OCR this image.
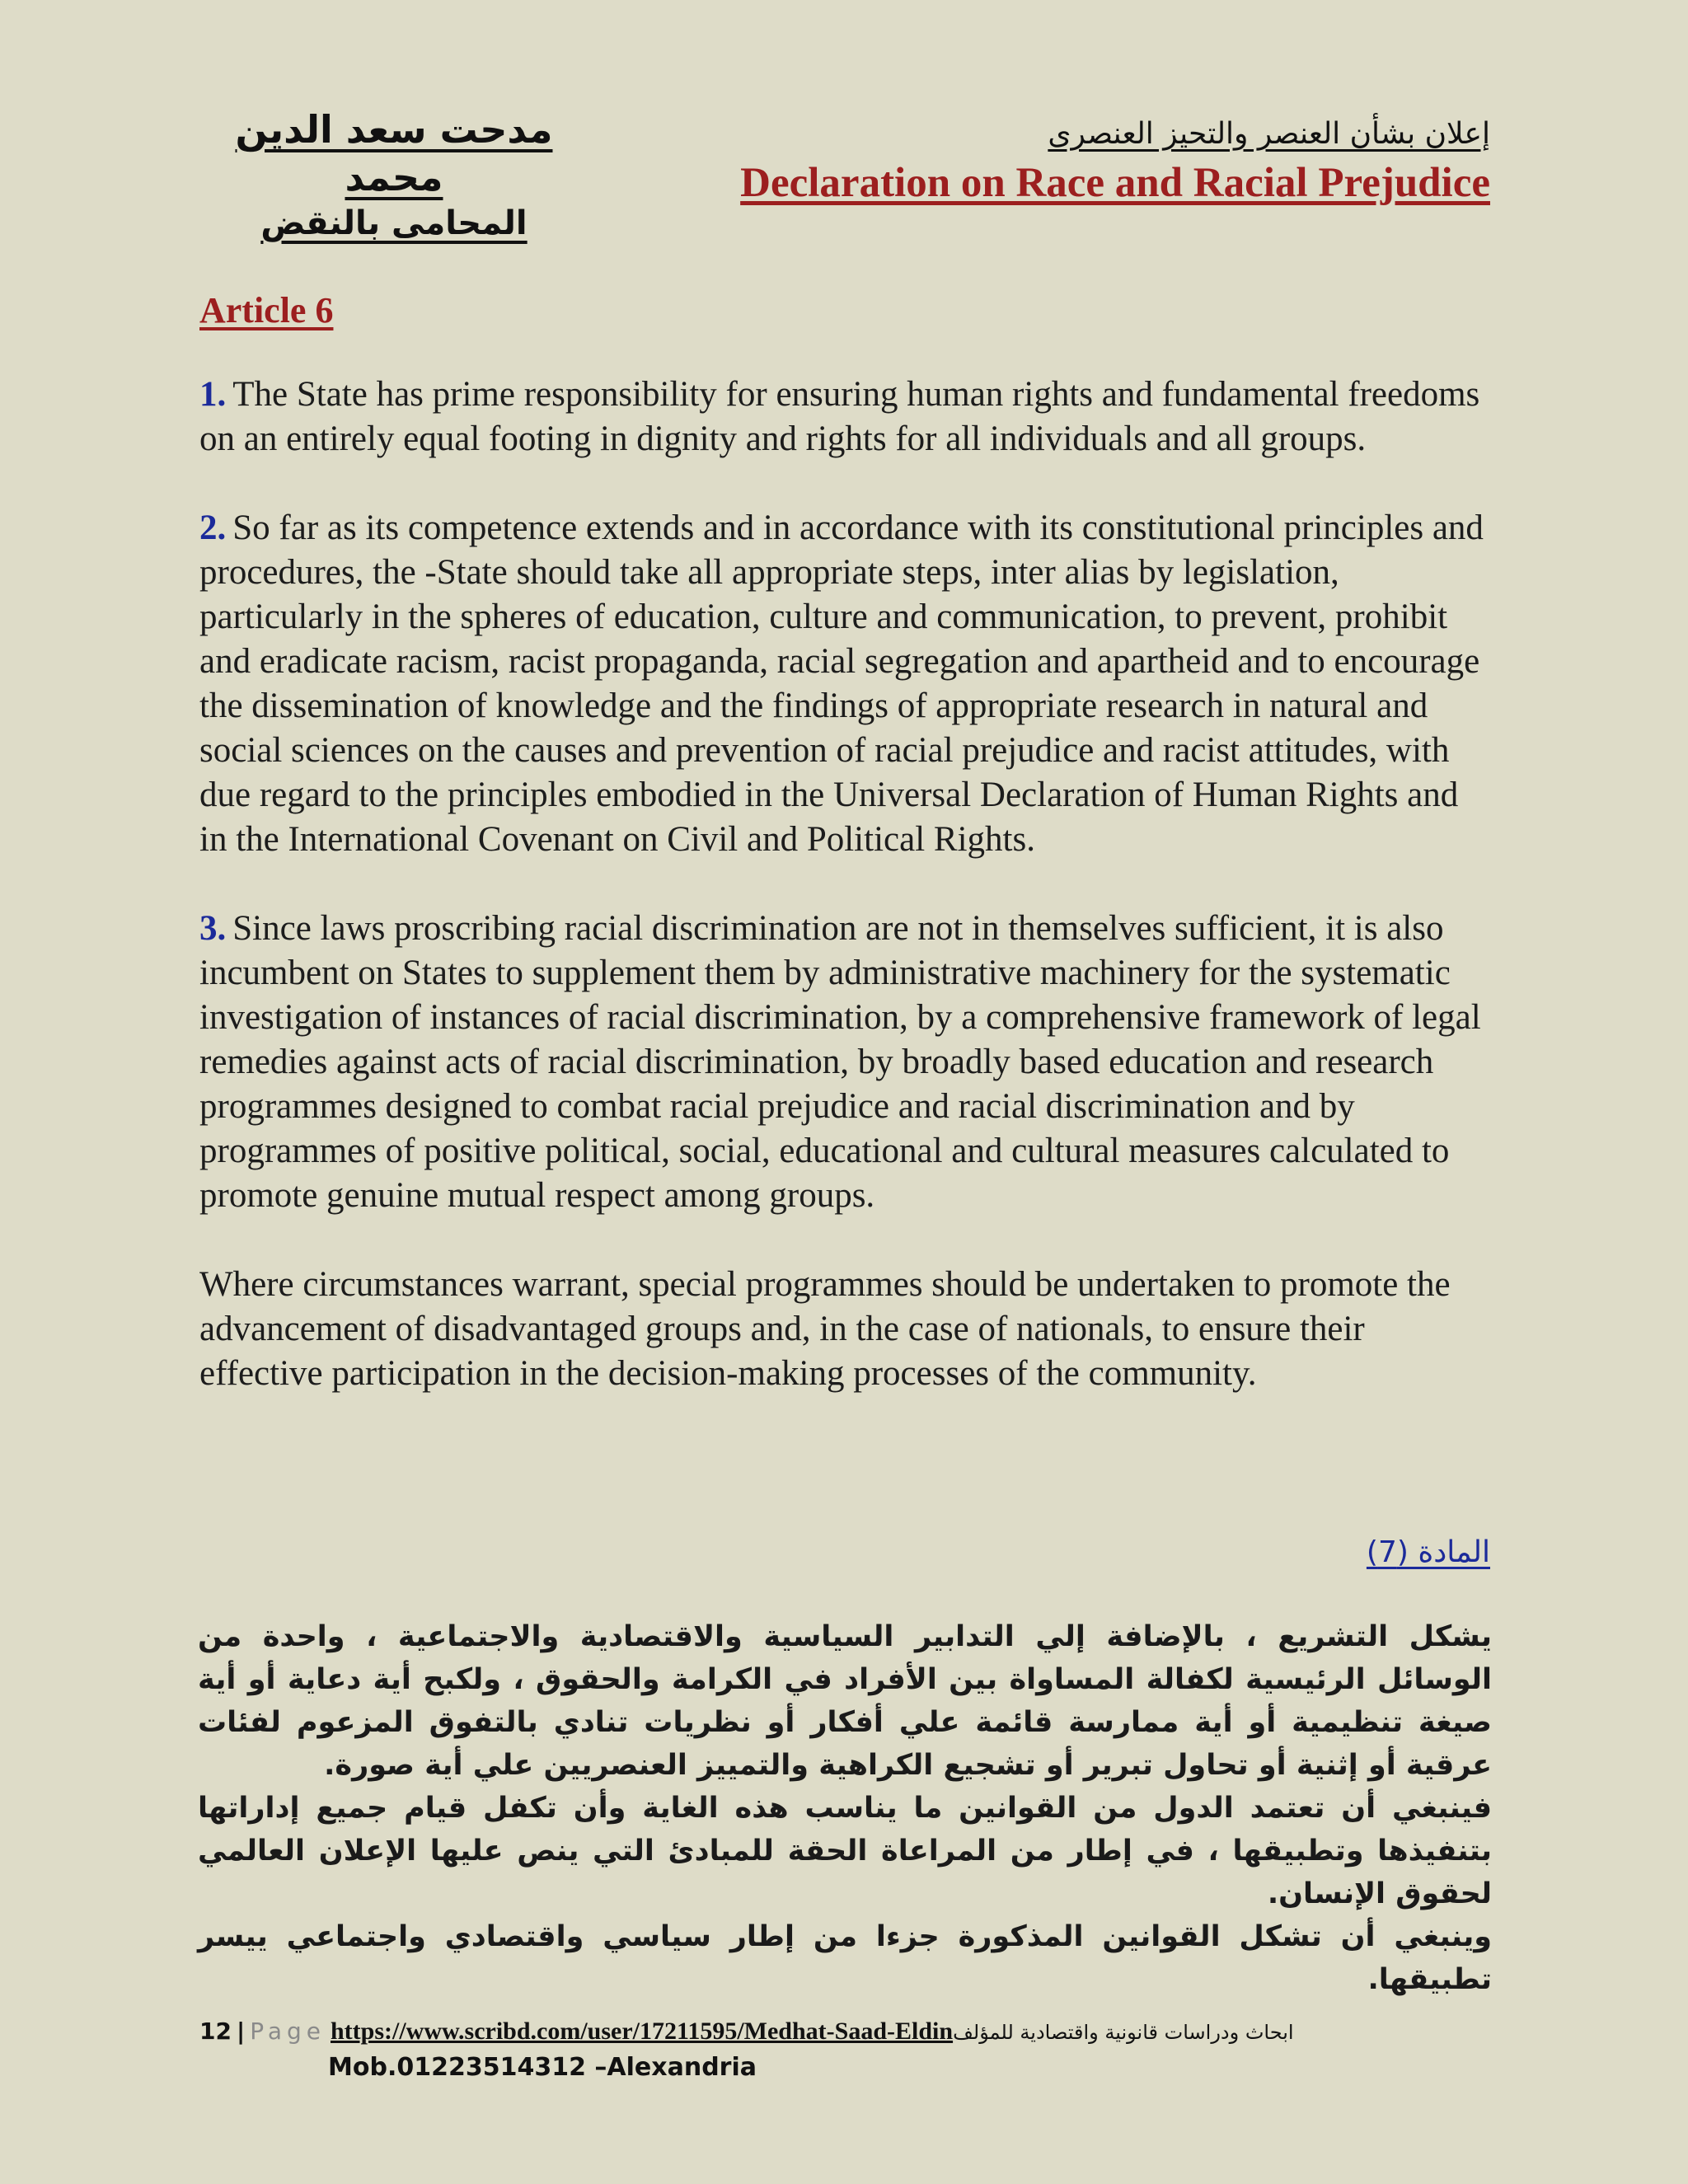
مدحت سعد الدين محمد
المحامى بالنقض
إعلان بشأن العنصر والتحيز العنصرى
Declaration on Race and Racial Prejudice
Article 6

1. The State has prime responsibility for ensuring human rights and fundamental freedoms on an entirely equal footing in dignity and rights for all individuals and all groups.

2. So far as its competence extends and in accordance with its constitutional principles and procedures, the -State should take all appropriate steps, inter alias by legislation, particularly in the spheres of education, culture and communication, to prevent, prohibit and eradicate racism, racist propaganda, racial segregation and apartheid and to encourage the dissemination of knowledge and the findings of appropriate research in natural and social sciences on the causes and prevention of racial prejudice and racist attitudes, with due regard to the principles embodied in the Universal Declaration of Human Rights and in the International Covenant on Civil and Political Rights.

3. Since laws proscribing racial discrimination are not in themselves sufficient, it is also incumbent on States to supplement them by administrative machinery for the systematic investigation of instances of racial discrimination, by a comprehensive framework of legal remedies against acts of racial discrimination, by broadly based education and research programmes designed to combat racial prejudice and racial discrimination and by programmes of positive political, social, educational and cultural measures calculated to promote genuine mutual respect among groups.

Where circumstances warrant, special programmes should be undertaken to promote the advancement of disadvantaged groups and, in the case of nationals, to ensure their effective participation in the decision-making processes of the community.

المادة (7)

يشكل التشريع ، بالإضافة إلي التدابير السياسية والاقتصادية والاجتماعية ، واحدة من الوسائل الرئيسية لكفالة المساواة بين الأفراد في الكرامة والحقوق ، ولكبح أية دعاية أو أية صيغة تنظيمية أو أية ممارسة قائمة علي أفكار أو نظريات تنادي بالتفوق المزعوم لفئات عرقية أو إثنية أو تحاول تبرير أو تشجيع الكراهية والتمييز العنصريين علي أية صورة.

فينبغي أن تعتمد الدول من القوانين ما يناسب هذه الغاية وأن تكفل قيام جميع إداراتها بتنفيذها وتطبيقها ، في إطار من المراعاة الحقة للمبادئ التي ينص عليها الإعلان العالمي لحقوق الإنسان.

وينبغي أن تشكل القوانين المذكورة جزءا من إطار سياسي واقتصادي واجتماعي ييسر تطبيقها.

12 | Page https://www.scribd.com/user/17211595/Medhat-Saad-Eldinابحاث ودراسات قانونية واقتصادية للمؤلف
Mob.01223514312 –Alexandria
